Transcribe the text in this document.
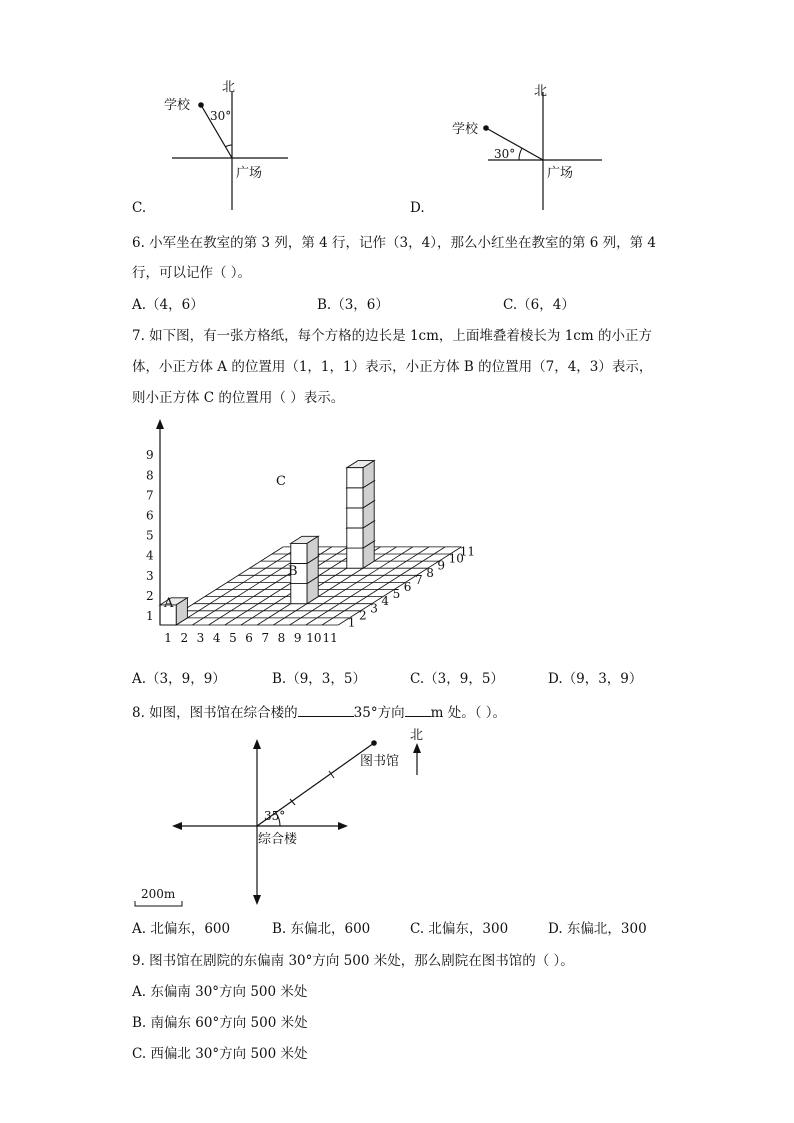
北
学校
30°
广场
北
学校
30°
广场
C.	D.
6. 小军坐在教室的第 3 列，第 4 行，记作（3，4），那么小红坐在教室的第 6 列，第 4
行，可以记作（ ）。
A.（4，6）	B.（3，6）	C.（6，4）
7. 如下图，有一张方格纸，每个方格的边长是 1cm，上面堆叠着棱长为 1cm 的小正方
体，小正方体 A 的位置用（1，1，1）表示，小正方体 B 的位置用（7，4，3）表示，
则小正方体 C 的位置用（ ）表示。
1
2
3
4
5
6
7
8
9
1 2 3 4 5 6 7 8 9 10 11
1
2
3
4
5
6
7
8
9
10
11
A
B
C
A.（3，9，9）	B.（9，3，5）	C.（3，9，5）	D.（9，3，9）
8. 如图，图书馆在综合楼的	35°方向 m 处。（ ）。
北
图书馆
35°
综合楼
200m
A. 北偏东，600	B. 东偏北，600	C. 北偏东，300	D. 东偏北，300
9. 图书馆在剧院的东偏南 30°方向 500 米处，那么剧院在图书馆的（ ）。
A. 东偏南 30°方向 500 米处
B. 南偏东 60°方向 500 米处
C. 西偏北 30°方向 500 米处
